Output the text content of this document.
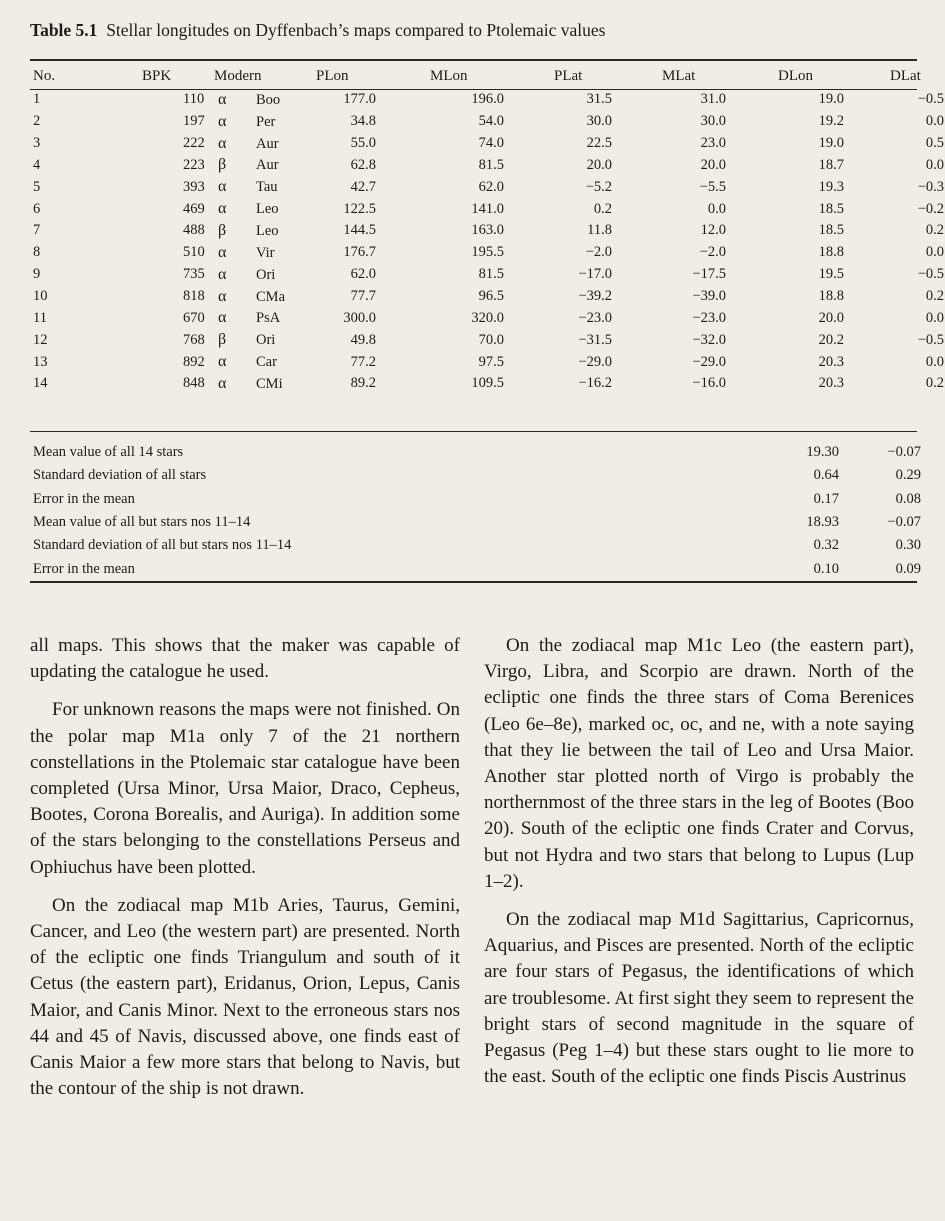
Table 5.1 Stellar longitudes on Dyffenbach’s maps compared to Ptolemaic values
No.	BPK	Modern	PLon	MLon	PLat	MLat	DLon	DLat
1	110	α Boo	177.0	196.0	31.5	31.0	19.0	−0.5
2	197	α Per	34.8	54.0	30.0	30.0	19.2	0.0
3	222	α Aur	55.0	74.0	22.5	23.0	19.0	0.5
4	223	β Aur	62.8	81.5	20.0	20.0	18.7	0.0
5	393	α Tau	42.7	62.0	−5.2	−5.5	19.3	−0.3
6	469	α Leo	122.5	141.0	0.2	0.0	18.5	−0.2
7	488	β Leo	144.5	163.0	11.8	12.0	18.5	0.2
8	510	α Vir	176.7	195.5	−2.0	−2.0	18.8	0.0
9	735	α Ori	62.0	81.5	−17.0	−17.5	19.5	−0.5
10	818	α CMa	77.7	96.5	−39.2	−39.0	18.8	0.2
11	670	α PsA	300.0	320.0	−23.0	−23.0	20.0	0.0
12	768	β Ori	49.8	70.0	−31.5	−32.0	20.2	−0.5
13	892	α Car	77.2	97.5	−29.0	−29.0	20.3	0.0
14	848	α CMi	89.2	109.5	−16.2	−16.0	20.3	0.2
Mean value of all 14 stars	19.30	−0.07
Standard deviation of all stars	0.64	0.29
Error in the mean	0.17	0.08
Mean value of all but stars nos 11–14	18.93	−0.07
Standard deviation of all but stars nos 11–14	0.32	0.30
Error in the mean	0.10	0.09

all maps. This shows that the maker was capable of updating the catalogue he used.

For unknown reasons the maps were not finished. On the polar map M1a only 7 of the 21 northern constellations in the Ptolemaic star catalogue have been completed (Ursa Minor, Ursa Maior, Draco, Cepheus, Bootes, Corona Borealis, and Auriga). In addition some of the stars belonging to the constellations Perseus and Ophiuchus have been plotted.

On the zodiacal map M1b Aries, Taurus, Gemini, Cancer, and Leo (the western part) are presented. North of the ecliptic one finds Triangulum and south of it Cetus (the eastern part), Eridanus, Orion, Lepus, Canis Maior, and Canis Minor. Next to the erroneous stars nos 44 and 45 of Navis, discussed above, one finds east of Canis Maior a few more stars that belong to Navis, but the contour of the ship is not drawn.

On the zodiacal map M1c Leo (the eastern part), Virgo, Libra, and Scorpio are drawn. North of the ecliptic one finds the three stars of Coma Berenices (Leo 6e–8e), marked oc, oc, and ne, with a note saying that they lie between the tail of Leo and Ursa Maior. Another star plotted north of Virgo is probably the northernmost of the three stars in the leg of Bootes (Boo 20). South of the ecliptic one finds Crater and Corvus, but not Hydra and two stars that belong to Lupus (Lup 1–2).

On the zodiacal map M1d Sagittarius, Capricornus, Aquarius, and Pisces are presented. North of the ecliptic are four stars of Pegasus, the identifications of which are troublesome. At first sight they seem to represent the bright stars of second magnitude in the square of Pegasus (Peg 1–4) but these stars ought to lie more to the east. South of the ecliptic one finds Piscis Austrinus
